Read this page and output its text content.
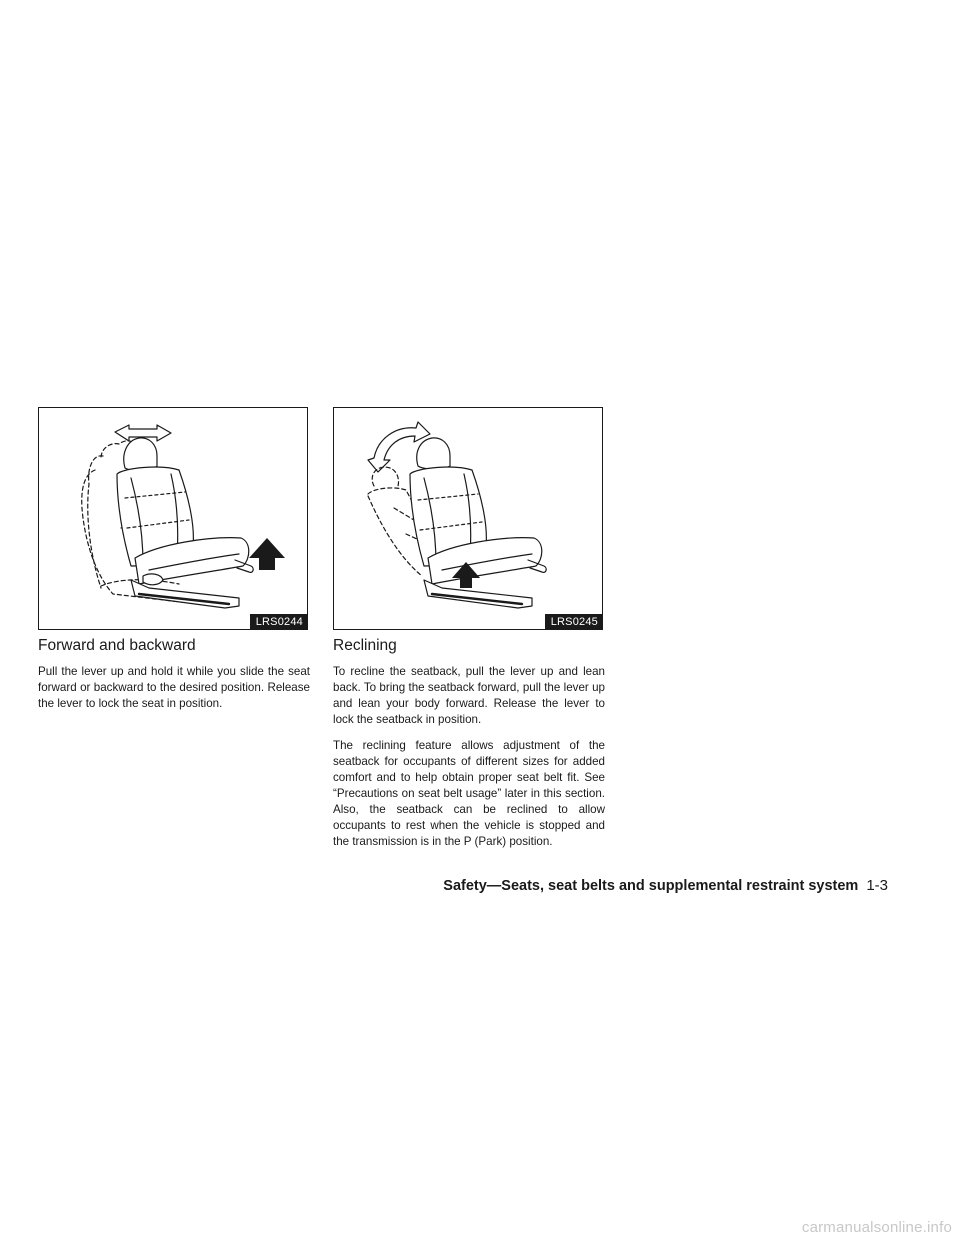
LRS0244	LRS0245
Forward and backward

Pull the lever up and hold it while you slide the seat forward or backward to the desired position. Release the lever to lock the seat in position.

Reclining

To recline the seatback, pull the lever up and lean back. To bring the seatback forward, pull the lever up and lean your body forward. Release the lever to lock the seatback in position.

The reclining feature allows adjustment of the seatback for occupants of different sizes for added comfort and to help obtain proper seat belt fit. See “Precautions on seat belt usage” later in this section. Also, the seatback can be reclined to allow occupants to rest when the vehicle is stopped and the transmission is in the P (Park) position.

Safety—Seats, seat belts and supplemental restraint system 1-3
carmanualsonline.info
